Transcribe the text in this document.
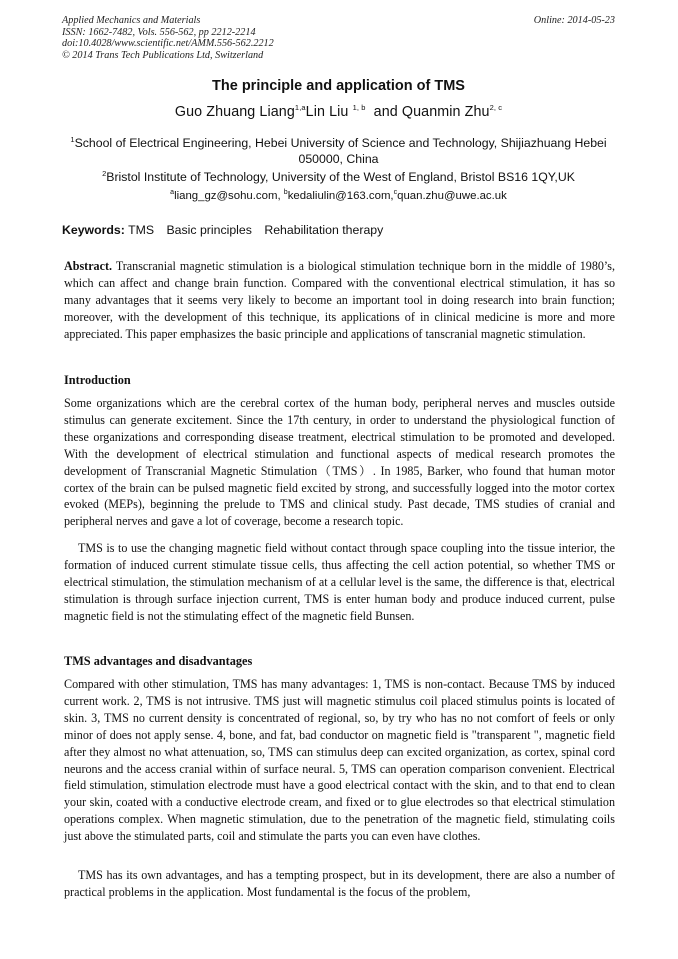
Applied Mechanics and Materials
ISSN: 1662-7482, Vols. 556-562, pp 2212-2214
doi:10.4028/www.scientific.net/AMM.556-562.2212
© 2014 Trans Tech Publications Ltd, Switzerland
Online: 2014-05-23
The principle and application of TMS
Guo Zhuang Liang$^{1,a}$Lin Liu $^{1, b}$ and Quanmin Zhu$^{2, c}$
$^1$School of Electrical Engineering, Hebei University of Science and Technology, Shijiazhuang Hebei 050000, China
$^2$Bristol Institute of Technology, University of the West of England, Bristol BS16 1QY,UK
$^a$liang_gz@sohu.com, $^b$kedaliulin@163.com,$^c$quan.zhu@uwe.ac.uk
Keywords: TMS Basic principles Rehabilitation therapy
Abstract. Transcranial magnetic stimulation is a biological stimulation technique born in the middle of 1980’s, which can affect and change brain function. Compared with the conventional electrical stimulation, it has so many advantages that it seems very likely to become an important tool in doing research into brain function; moreover, with the development of this technique, its applications of in clinical medicine is more and more appreciated. This paper emphasizes the basic principle and applications of tanscranial magnetic stimulation.
Introduction
Some organizations which are the cerebral cortex of the human body, peripheral nerves and muscles outside stimulus can generate excitement. Since the 17th century, in order to understand the physiological function of these organizations and corresponding disease treatment, electrical stimulation to be promoted and developed. With the development of electrical stimulation and functional aspects of medical research promotes the development of Transcranial Magnetic Stimulation（TMS）. In 1985, Barker, who found that human motor cortex of the brain can be pulsed magnetic field excited by strong, and successfully logged into the motor cortex evoked (MEPs), beginning the prelude to TMS and clinical study. Past decade, TMS studies of cranial and peripheral nerves and gave a lot of coverage, become a research topic.
TMS is to use the changing magnetic field without contact through space coupling into the tissue interior, the formation of induced current stimulate tissue cells, thus affecting the cell action potential, so whether TMS or electrical stimulation, the stimulation mechanism of at a cellular level is the same, the difference is that, electrical stimulation is through surface injection current, TMS is enter human body and produce induced current, pulse magnetic field is not the stimulating effect of the magnetic field Bunsen.
TMS advantages and disadvantages
Compared with other stimulation, TMS has many advantages: 1, TMS is non-contact. Because TMS by induced current work. 2, TMS is not intrusive. TMS just will magnetic stimulus coil placed stimulus points is located of skin. 3, TMS no current density is concentrated of regional, so, by try who has no not comfort of feels or only minor of does not apply sense. 4, bone, and fat, bad conductor on magnetic field is "transparent ", magnetic field after they almost no what attenuation, so, TMS can stimulus deep can excited organization, as cortex, spinal cord neurons and the access cranial within of surface neural. 5, TMS can operation comparison convenient. Electrical field stimulation, stimulation electrode must have a good electrical contact with the skin, and to that end to clean your skin, coated with a conductive electrode cream, and fixed or to glue electrodes so that electrical stimulation operations complex. When magnetic stimulation, due to the penetration of the magnetic field, stimulating coils just above the stimulated parts, coil and stimulate the parts you can even have clothes.
TMS has its own advantages, and has a tempting prospect, but in its development, there are also a number of practical problems in the application. Most fundamental is the focus of the problem,
